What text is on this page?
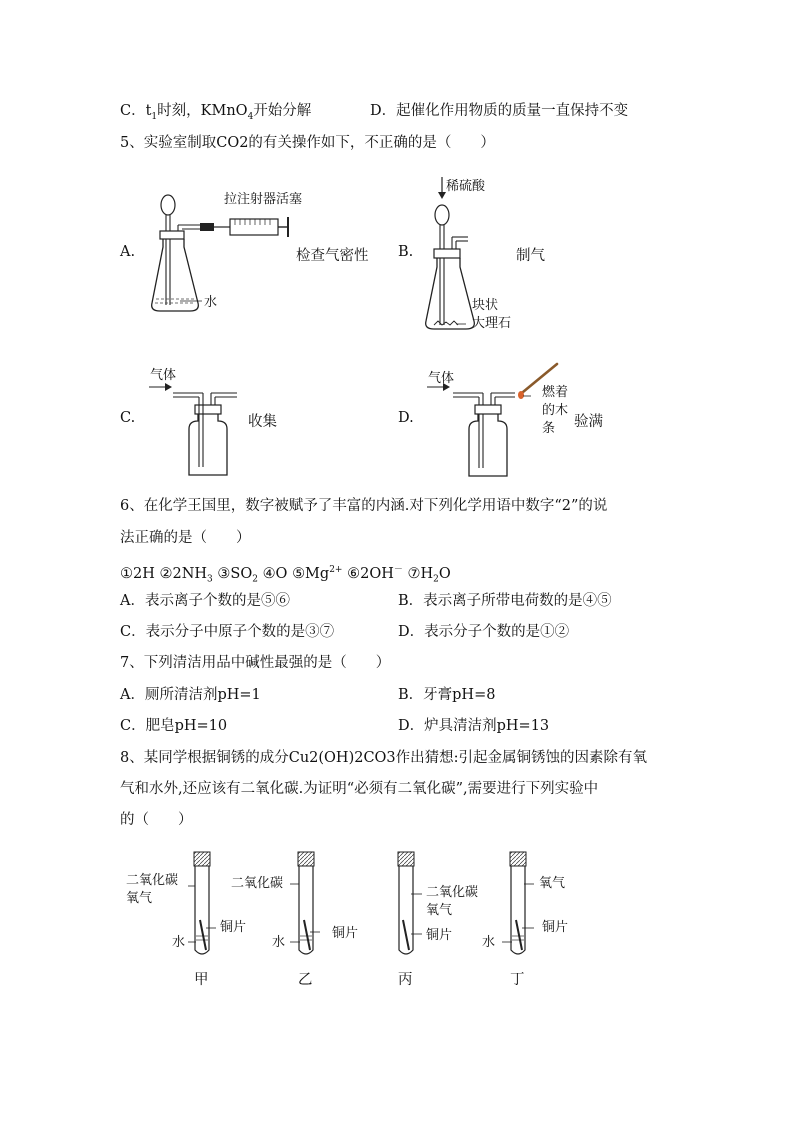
C．$t_1$时刻，KMnO$_4$开始分解	D．起催化作用物质的质量一直保持不变
5、实验室制取CO2的有关操作如下，不正确的是（　　）
A.
拉注射器活塞
水
检查气密性 B.
稀硫酸
块状
大理石
制气
C.
气体
收集	D.
气体
燃着
的木
条 验满
6、在化学王国里，数字被赋予了丰富的内涵.对下列化学用语中数字“2”的说
法正确的是（　　）
①2H $②2NH_3$ $③SO_2$ ④O $⑤Mg^{2+}$ ⑥2OH－ $⑦H_2O$
A．表示离子个数的是⑤⑥	B．表示离子所带电荷数的是④⑤
C．表示分子中原子个数的是③⑦	D．表示分子个数的是①②
7、下列清洁用品中碱性最强的是（　　）
A．厕所清洁剂pH=1	B．牙膏pH=8
C．肥皂pH=10	D．炉具清洁剂pH=13
8、某同学根据铜锈的成分Cu2(OH)2CO3作出猜想:引起金属铜锈蚀的因素除有氧
气和水外,还应该有二氧化碳.为证明“必须有二氧化碳”,需要进行下列实验中
的（　　）
二氧化碳
氧气
水
铜片
甲
二氧化碳
水
铜片
乙
二氧化碳
氧气
铜片
丙
氧气
水
铜片
丁
